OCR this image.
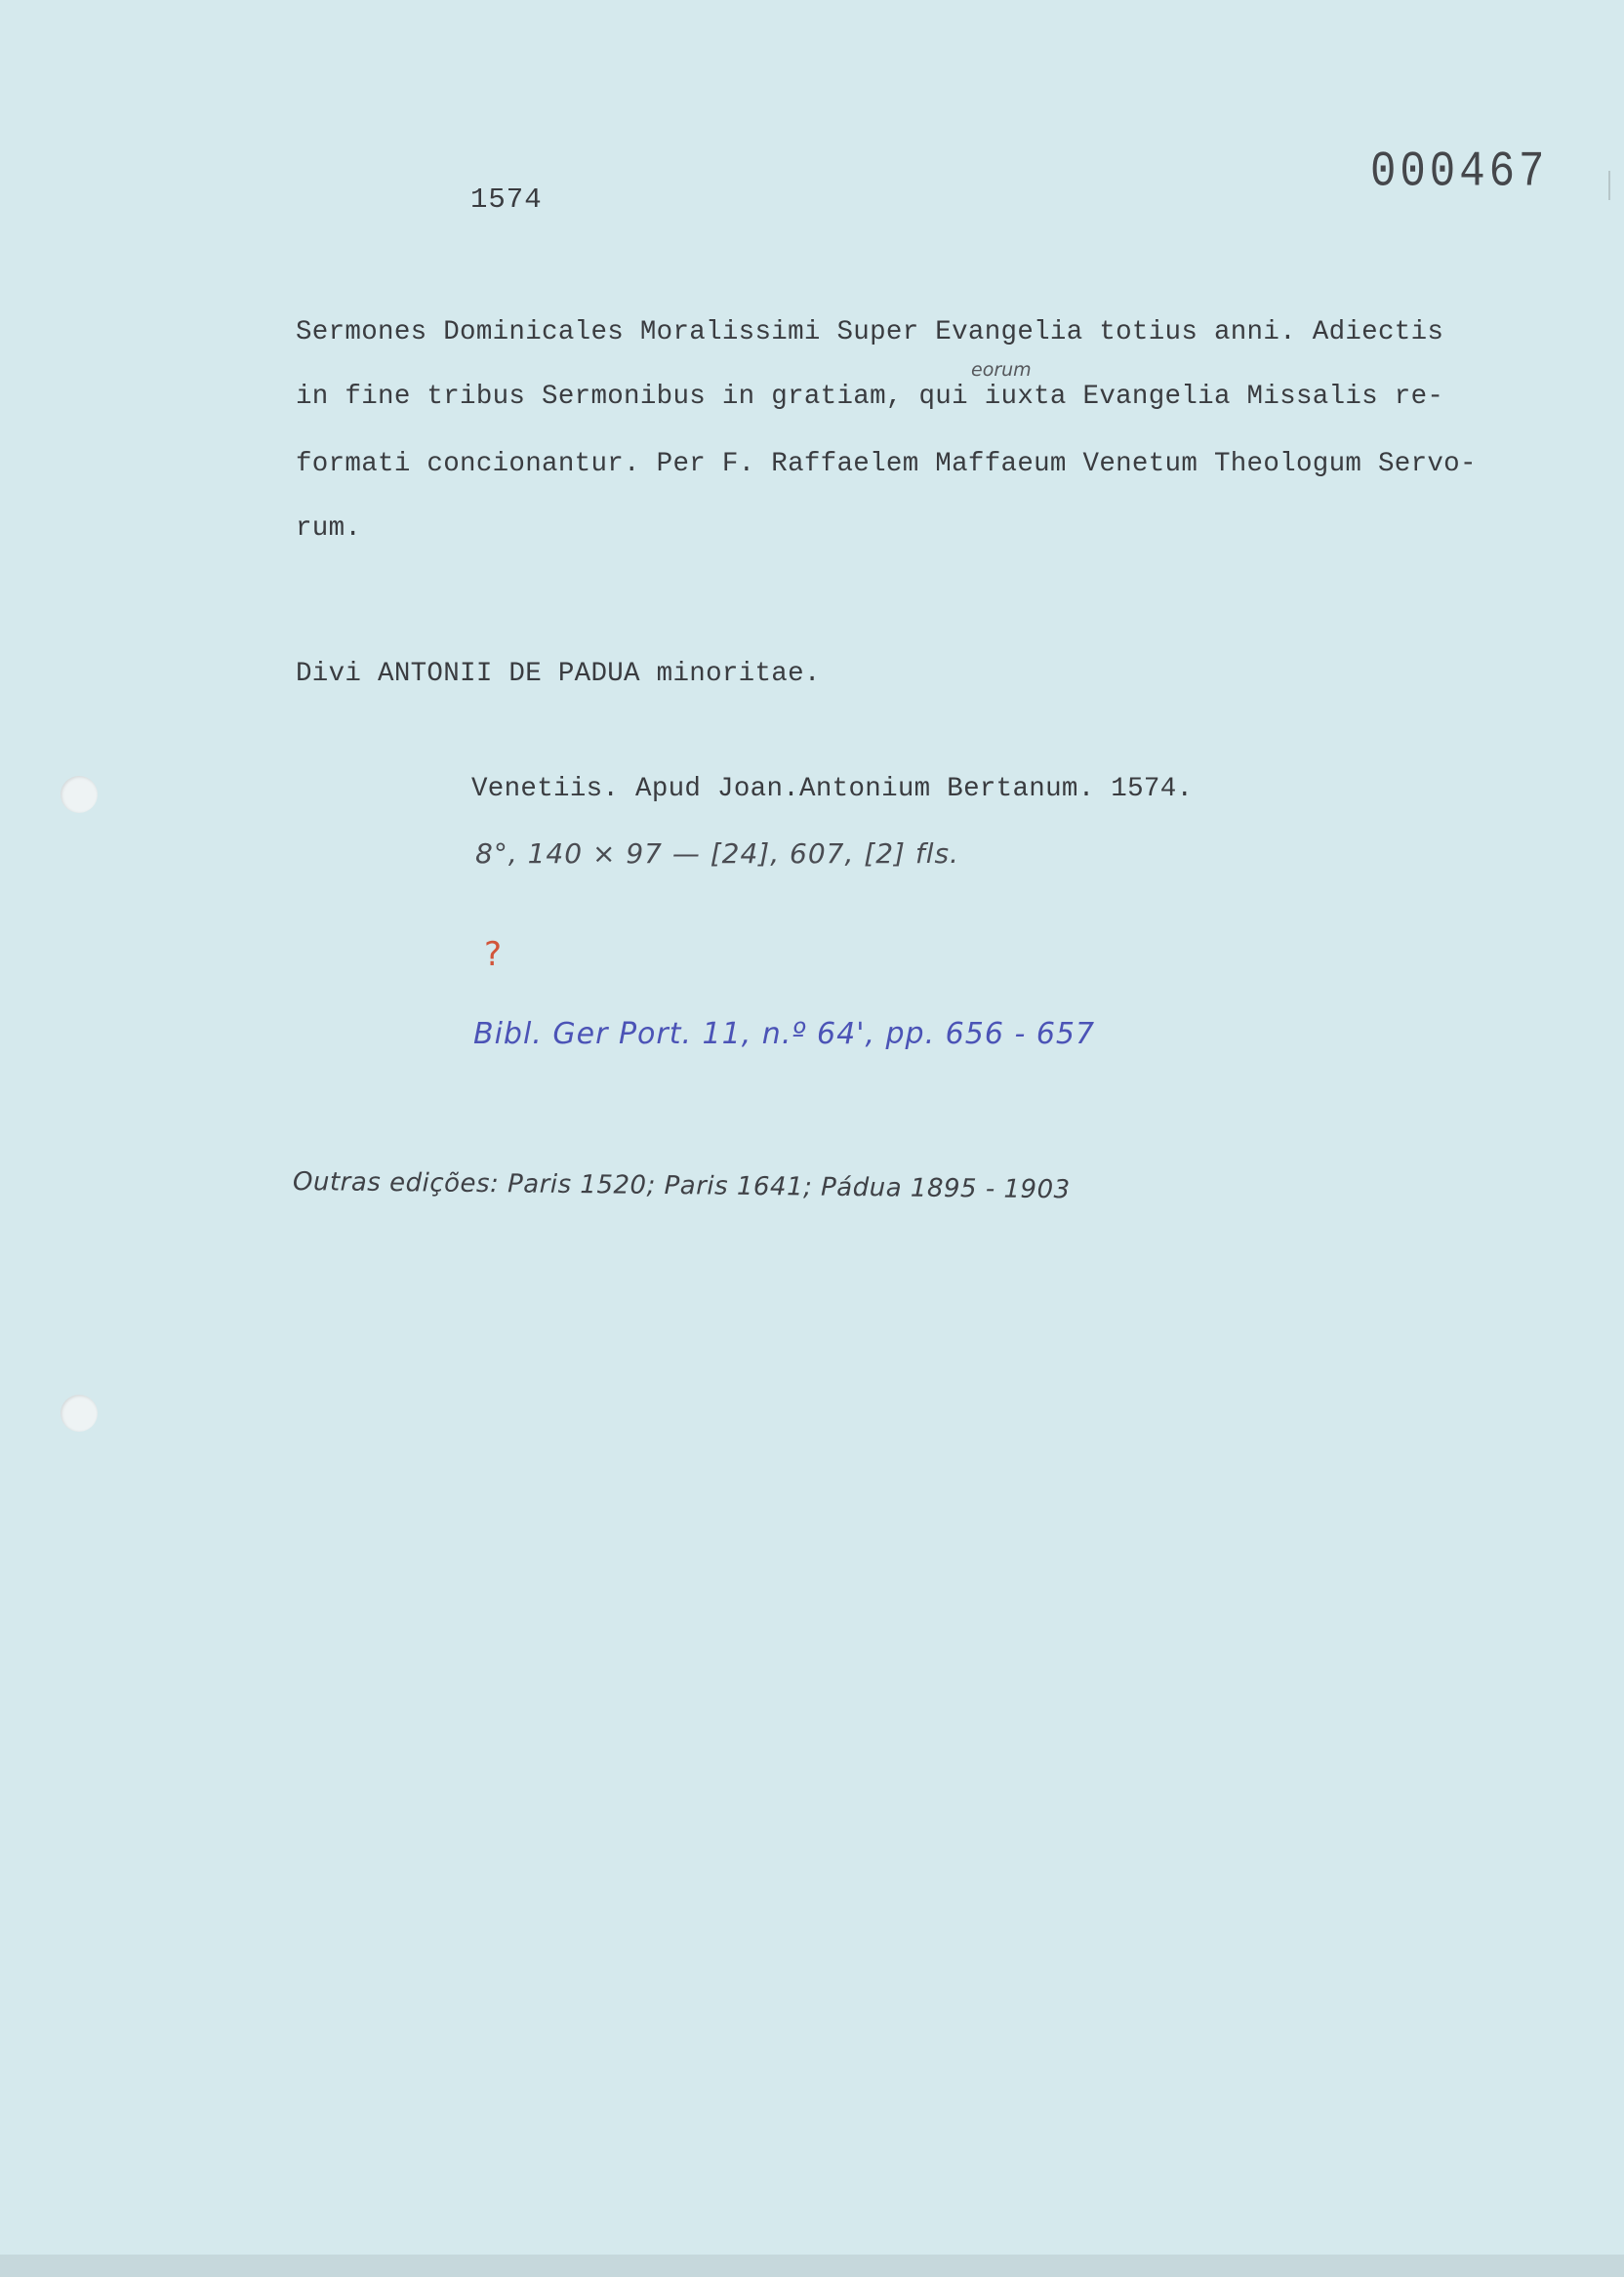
1574	000467
Sermones Dominicales Moralissimi Super Evangelia totius anni. Adiectis
eorum
in fine tribus Sermonibus in gratiam, qui iuxta Evangelia Missalis re-
formati concionantur. Per F. Raffaelem Maffaeum Venetum Theologum Servo-
rum.
Divi ANTONII DE PADUA minoritae.
Venetiis. Apud Joan.Antonium Bertanum. 1574.
8°, 140 × 97 — [24], 607, [2] fls.
?
Bibl. Ger Port. 11, n.º 64', pp. 656 - 657
Outras edições: Paris 1520; Paris 1641; Pádua 1895 - 1903
